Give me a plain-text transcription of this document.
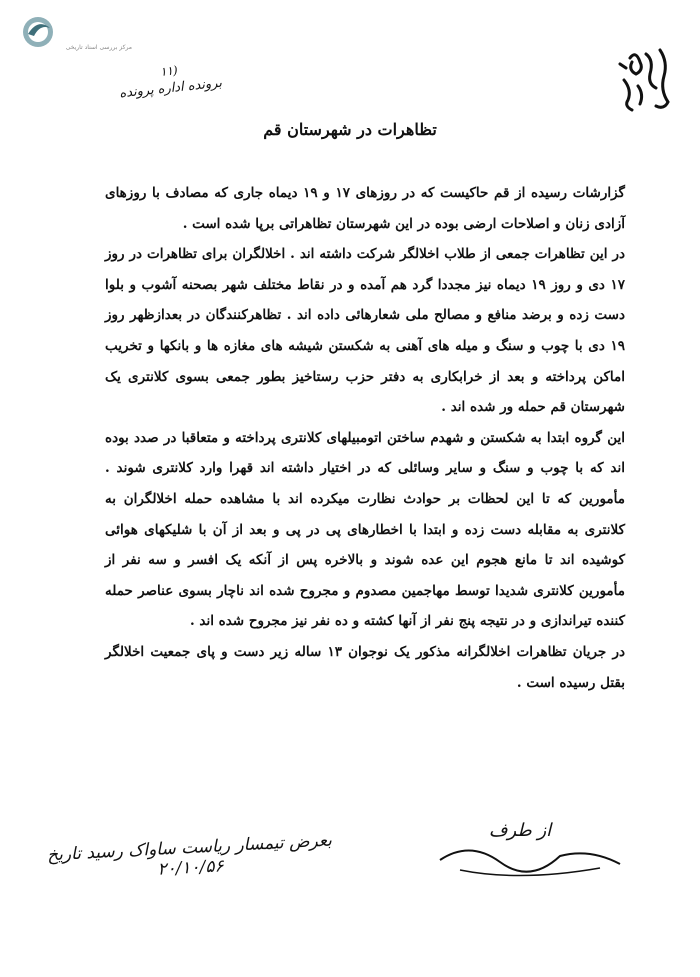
مرکز بررسی اسناد تاریخی
(۱۱
برونده اداره پرونده
تظاهرات در شهرستان قم

گزارشات رسیده از قم حاکیست که در روزهای ۱۷ و ۱۹ دیماه جاری که مصادف با روزهای آزادی زنان و اصلاحات ارضی بوده در این شهرستان تظاهراتی برپا شده است .

در این تظاهرات جمعی از طلاب اخلالگر شرکت داشته اند . اخلالگران برای تظاهرات در روز ۱۷ دی و روز ۱۹ دیماه نیز مجددا گرد هم آمده و در نقاط مختلف شهر بصحنه آشوب و بلوا دست زده و برضد منافع و مصالح ملی شعارهائی داده اند . تظاهرکنندگان در بعدازظهر روز ۱۹ دی با چوب و سنگ و میله های آهنی به شکستن شیشه های مغازه ها و بانکها و تخریب اماکن پرداخته و بعد از خرابکاری به دفتر حزب رستاخیز بطور جمعی بسوی کلانتری یک شهرستان قم حمله ور شده اند .

این گروه ابتدا به شکستن و شهدم ساختن اتومبیلهای کلانتری پرداخته و متعاقبا در صدد بوده اند که با چوب و سنگ و سایر وسائلی که در اختیار داشته اند قهرا وارد کلانتری شوند . مأمورین که تا این لحظات بر حوادث نظارت میکرده اند با مشاهده حمله اخلالگران به کلانتری به مقابله دست زده و ابتدا با اخطارهای پی در پی و بعد از آن با شلیکهای هوائی کوشیده اند تا مانع هجوم این عده شوند و بالاخره پس از آنکه یک افسر و سه نفر از مأمورین کلانتری شدیدا توسط مهاجمین مصدوم و مجروح شده اند ناچار بسوی عناصر حمله کننده تیراندازی و در نتیجه پنج نفر از آنها کشته و ده نفر نیز مجروح شده اند .

در جریان تظاهرات اخلالگرانه مذکور یک نوجوان ۱۳ ساله زیر دست و پای جمعیت اخلالگر بقتل رسیده است .

بعرض تیمسار ریاست ساواک رسید تاریخ ۲۰/۱۰/۵۶
از طرف
